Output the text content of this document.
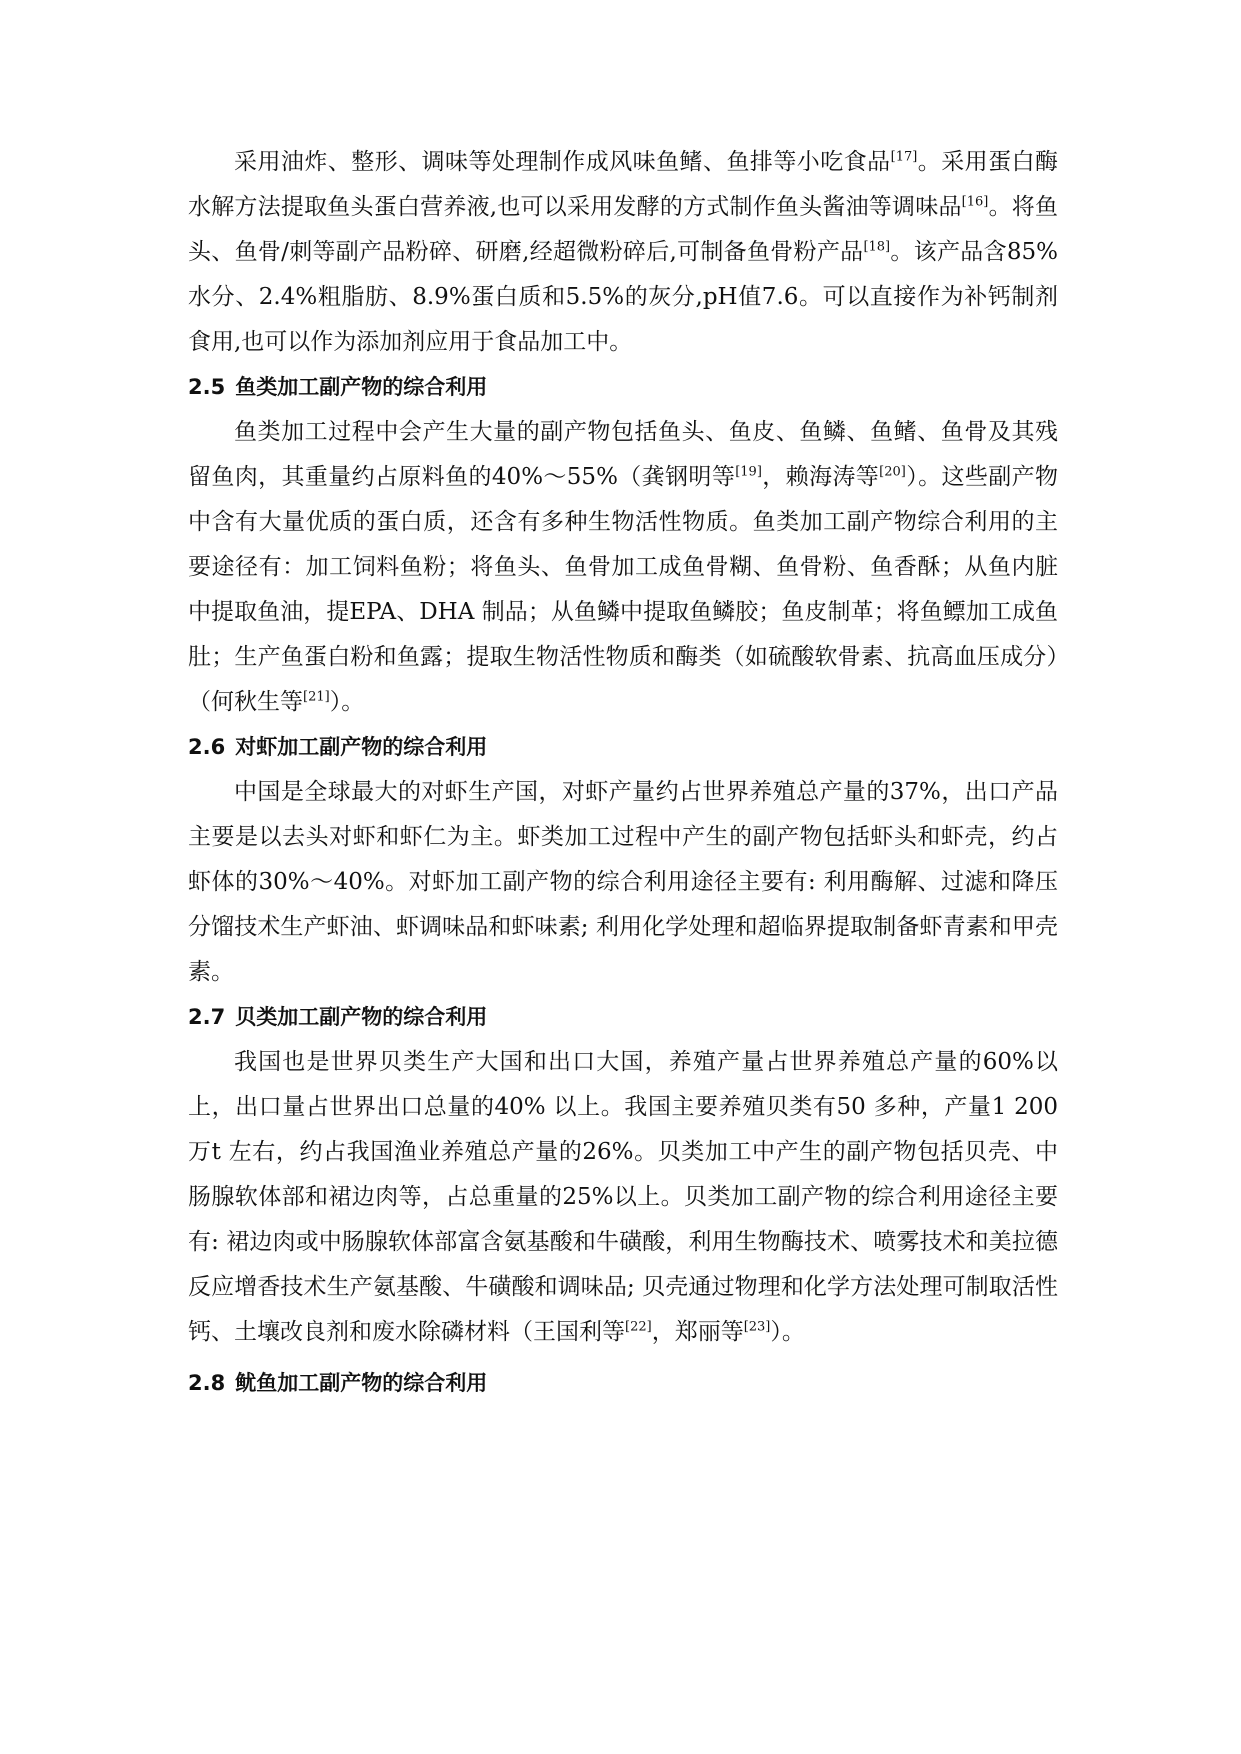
采用油炸、整形、调味等处理制作成风味鱼鳍、鱼排等小吃食品[17]。采用蛋白酶水解方法提取鱼头蛋白营养液,也可以采用发酵的方式制作鱼头酱油等调味品[16]。将鱼头、鱼骨/刺等副产品粉碎、研磨,经超微粉碎后,可制备鱼骨粉产品[18]。该产品含85%水分、2.4%粗脂肪、8.9%蛋白质和5.5%的灰分,pH值7.6。可以直接作为补钙制剂食用,也可以作为添加剂应用于食品加工中。

2.5 鱼类加工副产物的综合利用

鱼类加工过程中会产生大量的副产物包括鱼头、鱼皮、鱼鳞、鱼鳍、鱼骨及其残留鱼肉，其重量约占原料鱼的40%～55%（龚钢明等[19]，赖海涛等[20]）。这些副产物中含有大量优质的蛋白质，还含有多种生物活性物质。鱼类加工副产物综合利用的主要途径有：加工饲料鱼粉；将鱼头、鱼骨加工成鱼骨糊、鱼骨粉、鱼香酥；从鱼内脏中提取鱼油，提EPA、DHA 制品；从鱼鳞中提取鱼鳞胶；鱼皮制革；将鱼鳔加工成鱼肚；生产鱼蛋白粉和鱼露；提取生物活性物质和酶类（如硫酸软骨素、抗高血压成分）（何秋生等[21]）。

2.6 对虾加工副产物的综合利用

中国是全球最大的对虾生产国，对虾产量约占世界养殖总产量的37%，出口产品主要是以去头对虾和虾仁为主。虾类加工过程中产生的副产物包括虾头和虾壳，约占虾体的30%～40%。对虾加工副产物的综合利用途径主要有: 利用酶解、过滤和降压分馏技术生产虾油、虾调味品和虾味素; 利用化学处理和超临界提取制备虾青素和甲壳素。

2.7 贝类加工副产物的综合利用

我国也是世界贝类生产大国和出口大国，养殖产量占世界养殖总产量的60%以上，出口量占世界出口总量的40% 以上。我国主要养殖贝类有50 多种，产量1 200 万t 左右，约占我国渔业养殖总产量的26%。贝类加工中产生的副产物包括贝壳、中肠腺软体部和裙边肉等，占总重量的25%以上。贝类加工副产物的综合利用途径主要有: 裙边肉或中肠腺软体部富含氨基酸和牛磺酸，利用生物酶技术、喷雾技术和美拉德反应增香技术生产氨基酸、牛磺酸和调味品; 贝壳通过物理和化学方法处理可制取活性钙、土壤改良剂和废水除磷材料（王国利等[22]，郑丽等[23]）。

2.8 鱿鱼加工副产物的综合利用
